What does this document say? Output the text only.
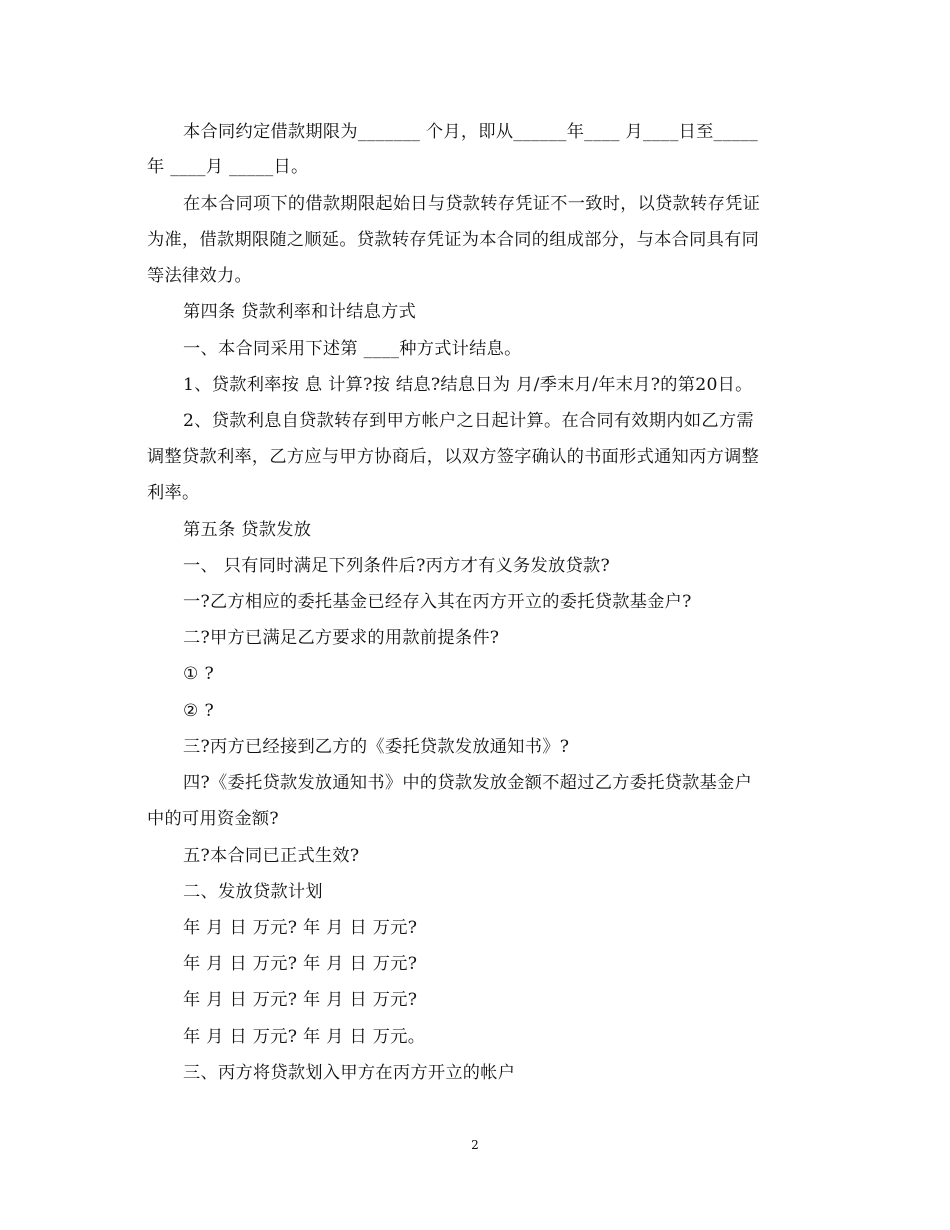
本合同约定借款期限为_______ 个月，即从______年____ 月____日至_____
年 ____月 _____日。
在本合同项下的借款期限起始日与贷款转存凭证不一致时，以贷款转存凭证
为准，借款期限随之顺延。贷款转存凭证为本合同的组成部分，与本合同具有同
等法律效力。
第四条 贷款利率和计结息方式
一、本合同采用下述第 ____种方式计结息。
1、贷款利率按 息 计算?按 结息?结息日为 月/季末月/年末月?的第20日。
2、贷款利息自贷款转存到甲方帐户之日起计算。在合同有效期内如乙方需
调整贷款利率，乙方应与甲方协商后，以双方签字确认的书面形式通知丙方调整
利率。
第五条 贷款发放
一、 只有同时满足下列条件后?丙方才有义务发放贷款?
一?乙方相应的委托基金已经存入其在丙方开立的委托贷款基金户?
二?甲方已满足乙方要求的用款前提条件?
① ?
② ?
三?丙方已经接到乙方的《委托贷款发放通知书》?
四?《委托贷款发放通知书》中的贷款发放金额不超过乙方委托贷款基金户
中的可用资金额?
五?本合同已正式生效?
二、发放贷款计划
年 月 日 万元? 年 月 日 万元?
年 月 日 万元? 年 月 日 万元?
年 月 日 万元? 年 月 日 万元?
年 月 日 万元? 年 月 日 万元。
三、丙方将贷款划入甲方在丙方开立的帐户
2
